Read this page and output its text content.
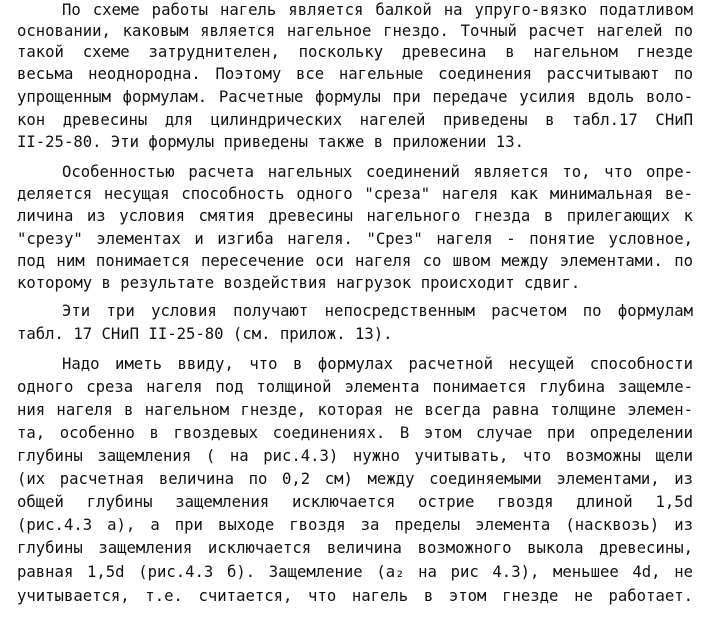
По схеме работы нагель является балкой на упруго-вязко податливом
основании, каковым является нагельное гнездо. Точный расчет нагелей по
такой схеме затруднителен, поскольку древесина в нагельном гнезде
весьма неоднородна. Поэтому все нагельные соединения рассчитывают по
упрощенным формулам. Расчетные формулы при передаче усилия вдоль воло-
кон древесины для цилиндрических нагелей приведены в табл.17 СНиП
II-25-80. Эти формулы приведены также в приложении 13.
Особенностью расчета нагельных соединений является то, что опре-
деляется несущая способность одного "среза" нагеля как минимальная ве-
личина из условия смятия древесины нагельного гнезда в прилегающих к
"срезу" элементах и изгиба нагеля. "Срез" нагеля - понятие условное,
под ним понимается пересечение оси нагеля со швом между элементами. по
которому в результате воздействия нагрузок происходит сдвиг.
Эти три условия получают непосредственным расчетом по формулам
табл. 17 СНиП II-25-80 (см. прилож. 13).
Надо иметь ввиду, что в формулах расчетной несущей способности
одного среза нагеля под толщиной элемента понимается глубина защемле-
ния нагеля в нагельном гнезде, которая не всегда равна толщине элемен-
та, особенно в гвоздевых соединениях. В этом случае при определении
глубины защемления ( на рис.4.3) нужно учитывать, что возможны щели
(их расчетная величина по 0,2 см) между соединяемыми элементами, из
общей глубины защемления исключается острие гвоздя длиной 1,5d
(рис.4.3 а), а при выходе гвоздя за пределы элемента (насквозь) из
глубины защемления исключается величина возможного выкола древесины,
равная 1,5d (рис.4.3 б). Защемление (a₂ на рис 4.3), меньшее 4d, не
учитывается, т.е. считается, что нагель в этом гнезде не работает.
